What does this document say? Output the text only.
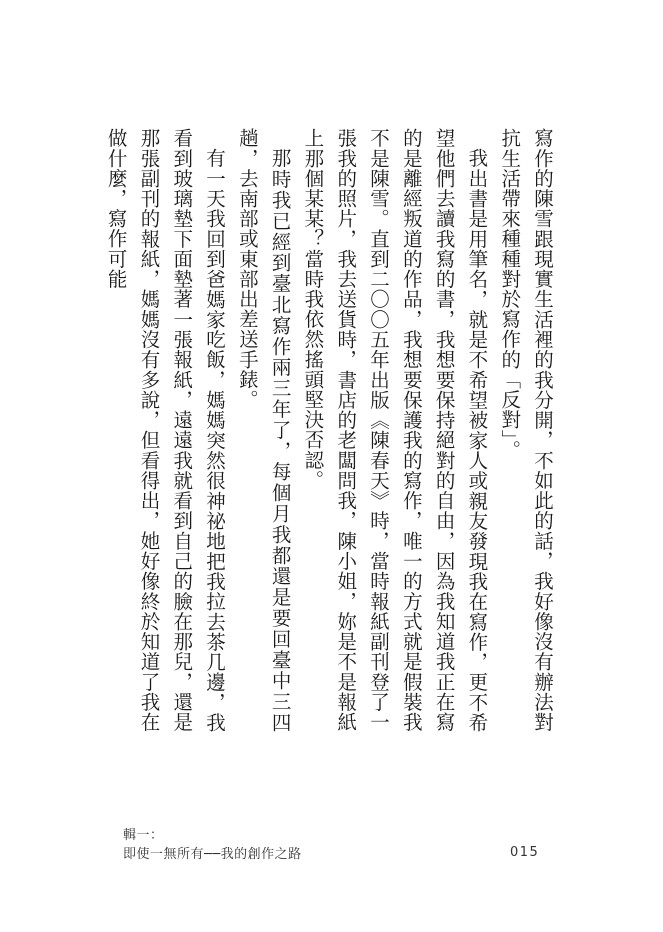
寫作的陳雪跟現實生活裡的我分開，不如此的話，我好像沒有辦法對抗生活帶來種種對於寫作的「反對」。

我出書是用筆名，就是不希望被家人或親友發現我在寫作，更不希望他們去讀我寫的書，我想要保持絕對的自由，因為我知道我正在寫的是離經叛道的作品，我想要保護我的寫作，唯一的方式就是假裝我不是陳雪。直到二〇〇五年出版《陳春天》時，當時報紙副刊登了一張我的照片，我去送貨時，書店的老闆問我，陳小姐，妳是不是報紙上那個某某？當時我依然搖頭堅決否認。

那時我已經到臺北寫作兩三年了，每個月我都還是要回臺中三四趟，去南部或東部出差送手錶。

有一天我回到爸媽家吃飯，媽媽突然很神祕地把我拉去茶几邊，我看到玻璃墊下面墊著一張報紙，遠遠我就看到自己的臉在那兒，還是那張副刊的報紙，媽媽沒有多說，但看得出，她好像終於知道了我在做什麼，寫作可能

輯一：
即使一無所有──我的創作之路	015
